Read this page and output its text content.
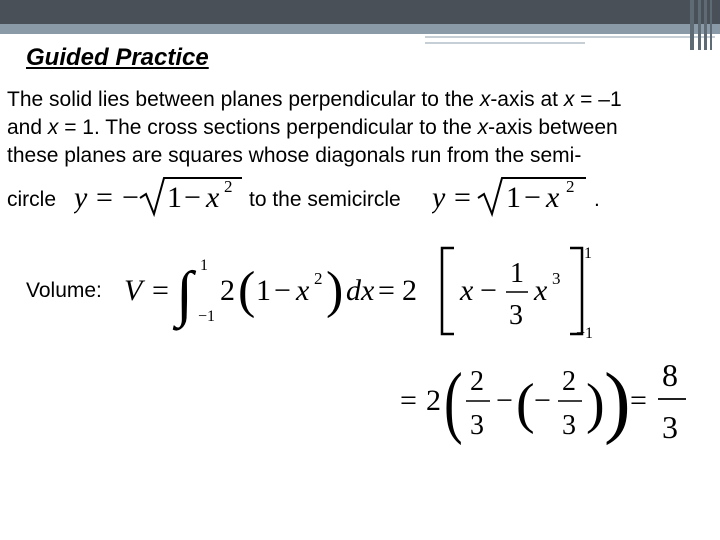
Guided Practice

The solid lies between planes perpendicular to the x-axis at x = –1

and x = 1. The cross sections perpendicular to the x-axis between

these planes are squares whose diagonals run from the semi-

circle y = − 1 − x 2
to the semicircle y = 1 − x 2
.
Volume: V = ∫ 1
−1
2 ( 1 − x 2 ) dx = 2 x −
1
3
x 3
1
−1
= 2 ( 2
3
− ( −
2
3 ) ) =
8
3
